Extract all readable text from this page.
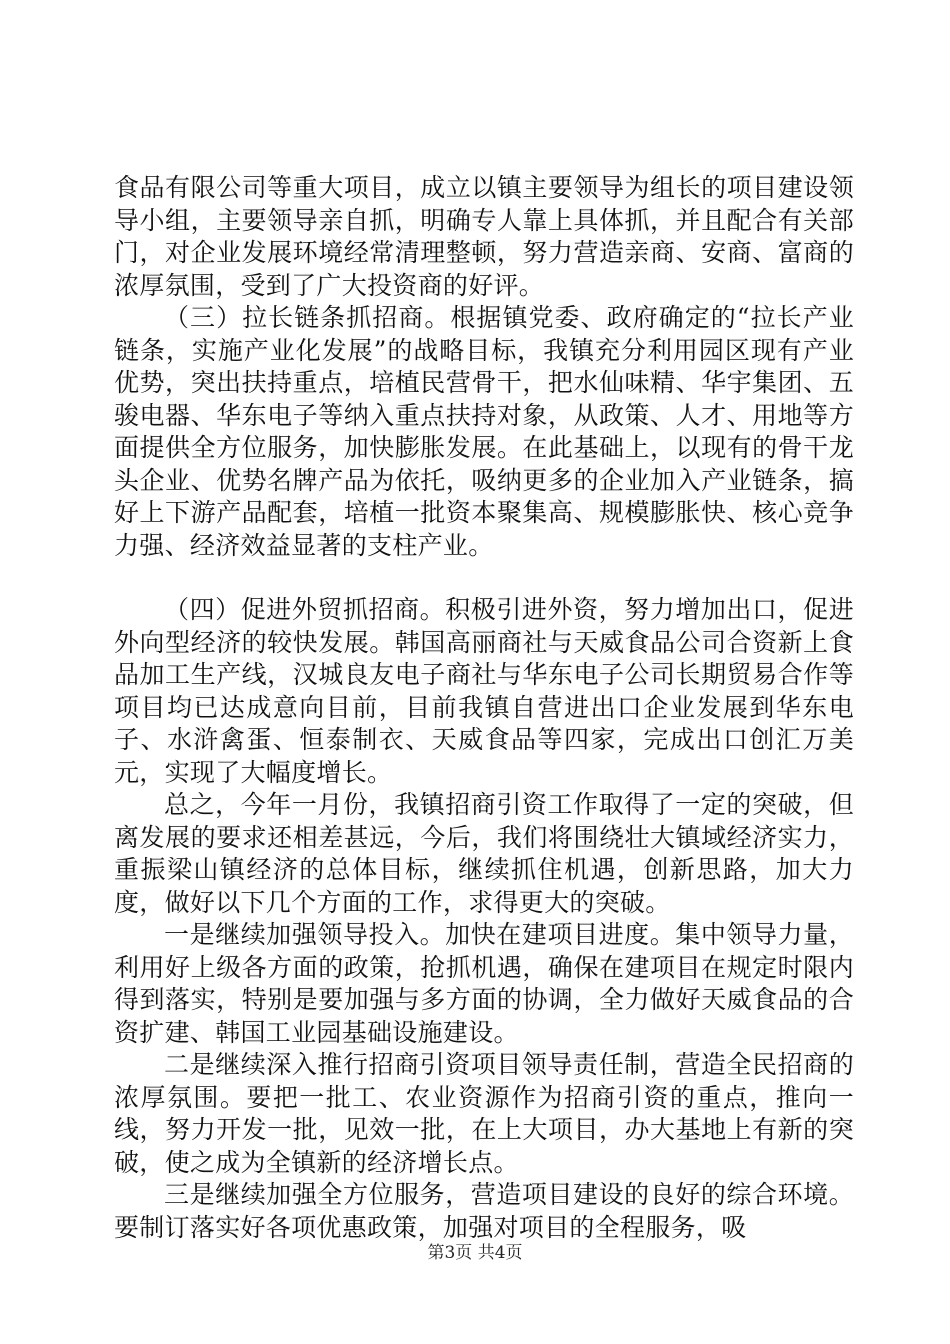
食品有限公司等重大项目，成立以镇主要领导为组长的项目建设领导小组，主要领导亲自抓，明确专人靠上具体抓，并且配合有关部门，对企业发展环境经常清理整顿，努力营造亲商、安商、富商的浓厚氛围，受到了广大投资商的好评。

（三）拉长链条抓招商。根据镇党委、政府确定的“拉长产业链条，实施产业化发展”的战略目标，我镇充分利用园区现有产业优势，突出扶持重点，培植民营骨干，把水仙味精、华宇集团、五骏电器、华东电子等纳入重点扶持对象，从政策、人才、用地等方面提供全方位服务，加快膨胀发展。在此基础上，以现有的骨干龙头企业、优势名牌产品为依托，吸纳更多的企业加入产业链条，搞好上下游产品配套，培植一批资本聚集高、规模膨胀快、核心竞争力强、经济效益显著的支柱产业。

（四）促进外贸抓招商。积极引进外资，努力增加出口，促进外向型经济的较快发展。韩国高丽商社与天威食品公司合资新上食品加工生产线，汉城良友电子商社与华东电子公司长期贸易合作等项目均已达成意向目前，目前我镇自营进出口企业发展到华东电子、水浒禽蛋、恒泰制衣、天威食品等四家，完成出口创汇万美元，实现了大幅度增长。

总之，今年一月份，我镇招商引资工作取得了一定的突破，但离发展的要求还相差甚远，今后，我们将围绕壮大镇域经济实力，重振梁山镇经济的总体目标，继续抓住机遇，创新思路，加大力度，做好以下几个方面的工作，求得更大的突破。

一是继续加强领导投入。加快在建项目进度。集中领导力量，利用好上级各方面的政策，抢抓机遇，确保在建项目在规定时限内得到落实，特别是要加强与多方面的协调，全力做好天威食品的合资扩建、韩国工业园基础设施建设。

二是继续深入推行招商引资项目领导责任制，营造全民招商的浓厚氛围。要把一批工、农业资源作为招商引资的重点，推向一线，努力开发一批，见效一批，在上大项目，办大基地上有新的突破，使之成为全镇新的经济增长点。

三是继续加强全方位服务，营造项目建设的良好的综合环境。要制订落实好各项优惠政策，加强对项目的全程服务，吸

第3页 共4页
